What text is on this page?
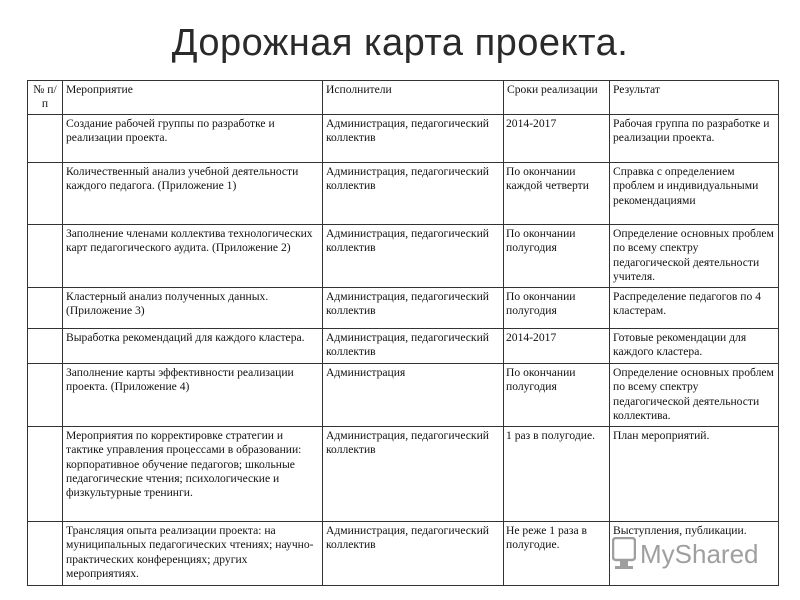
Дорожная карта проекта.
№ п/п	Мероприятие	Исполнители	Сроки реализации	Результат
	Создание рабочей группы по разработке и реализации проекта.	Администрация, педагогический коллектив	2014-2017	Рабочая группа по разработке и реализации проекта.
	Количественный анализ учебной деятельности каждого педагога. (Приложение 1)	Администрация, педагогический коллектив	По окончании каждой четверти	Справка с определением проблем и индивидуальными рекомендациями
	Заполнение членами коллектива технологических карт педагогического аудита. (Приложение 2)	Администрация, педагогический коллектив	По окончании полугодия	Определение основных проблем по всему спектру педагогической деятельности учителя.
	Кластерный анализ полученных данных. (Приложение 3)	Администрация, педагогический коллектив	По окончании полугодия	Распределение педагогов по 4 кластерам.
	Выработка рекомендаций для каждого кластера.	Администрация, педагогический коллектив	2014-2017	Готовые рекомендации для каждого кластера.
	Заполнение карты эффективности реализации проекта. (Приложение 4)	Администрация	По окончании полугодия	Определение основных проблем по всему спектру педагогической деятельности коллектива.
	Мероприятия по корректировке стратегии и тактике управления процессами в образовании: корпоративное обучение педагогов; школьные педагогические чтения; психологические и физкультурные тренинги.	Администрация, педагогический коллектив	1 раз в полугодие.	План мероприятий.
	Трансляция опыта реализации проекта: на муниципальных педагогических чтениях; научно-практических конференциях; других мероприятиях.	Администрация, педагогический коллектив	Не реже 1 раза в полугодие.	Выступления, публикации.
MyShared
